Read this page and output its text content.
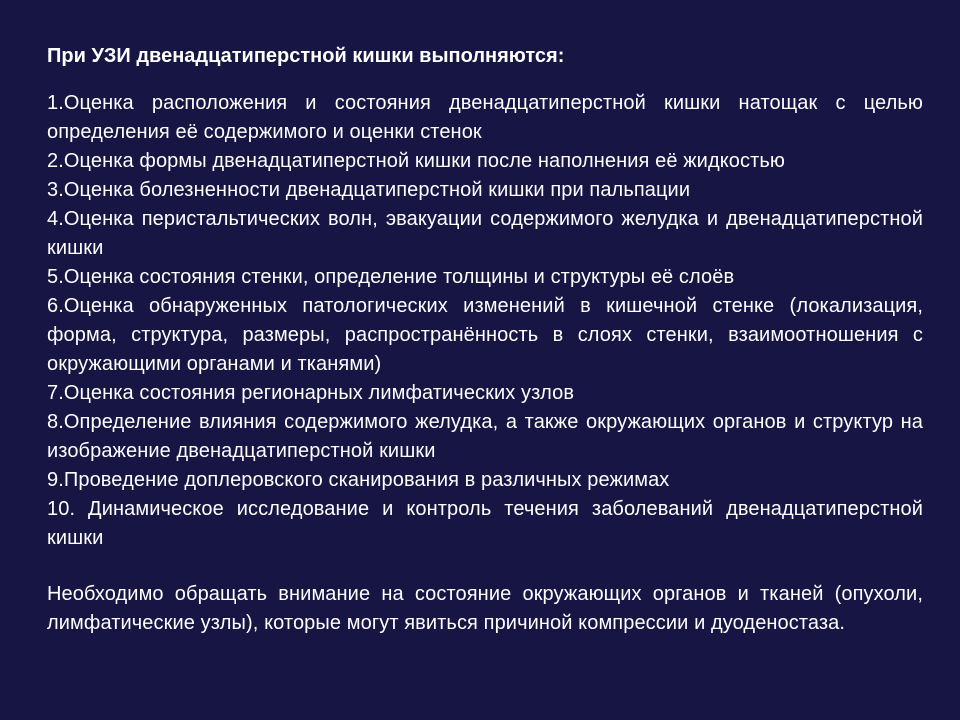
При УЗИ двенадцатиперстной кишки выполняются:
1.Оценка расположения и состояния двенадцатиперстной кишки натощак с целью определения её содержимого и оценки стенок
2.Оценка формы двенадцатиперстной кишки после наполнения её жидкостью
3.Оценка болезненности двенадцатиперстной кишки при пальпации
4.Оценка перистальтических волн, эвакуации содержимого желудка и двенадцатиперстной кишки
5.Оценка состояния стенки, определение толщины и структуры её слоёв
6.Оценка обнаруженных патологических изменений в кишечной стенке (локализация, форма, структура, размеры, распространённость в слоях стенки, взаимоотношения с окружающими органами и тканями)
7.Оценка состояния регионарных лимфатических узлов
8.Определение влияния содержимого желудка, а также окружающих органов и структур на изображение двенадцатиперстной кишки
9.Проведение доплеровского сканирования в различных режимах
10. Динамическое исследование и контроль течения заболеваний двенадцатиперстной кишки

Необходимо обращать внимание на состояние окружающих органов и тканей (опухоли, лимфатические узлы), которые могут явиться причиной компрессии и дуоденостаза.
